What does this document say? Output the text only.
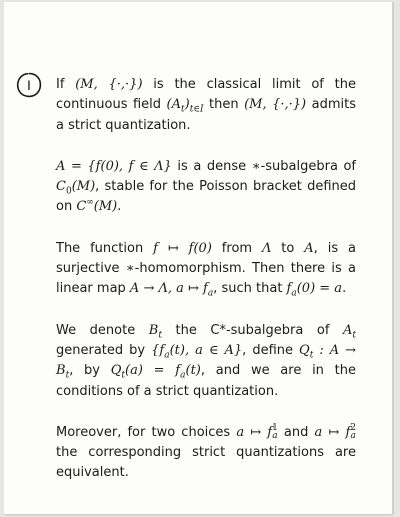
I If (M, {·,·}) is the classical limit of the continuous field $(A_t)_{t\in I}$ then (M, {·,·}) admits a strict quantization.

A = {f(0), f ∈ Λ} is a dense ∗-subalgebra of $C_0(M)$, stable for the Poisson bracket defined on C∞(M).

The function f ↦ f(0) from Λ to A, is a surjective ∗-homomorphism. Then there is a linear map A → Λ, a ↦ $f_a$, such that $f_a(0) = a$.

We denote $B_t$ the C*-subalgebra of $A_t$ generated by {$f_a(t)$, a ∈ A}, define $Q_t$ : $A \to B_t$, by $Q_t(a) = f_a(t)$, and we are in the conditions of a strict quantization.

Moreover, for two choices a ↦ f 1
a and a ↦ f 2
a
the corresponding strict quantizations are equivalent.
